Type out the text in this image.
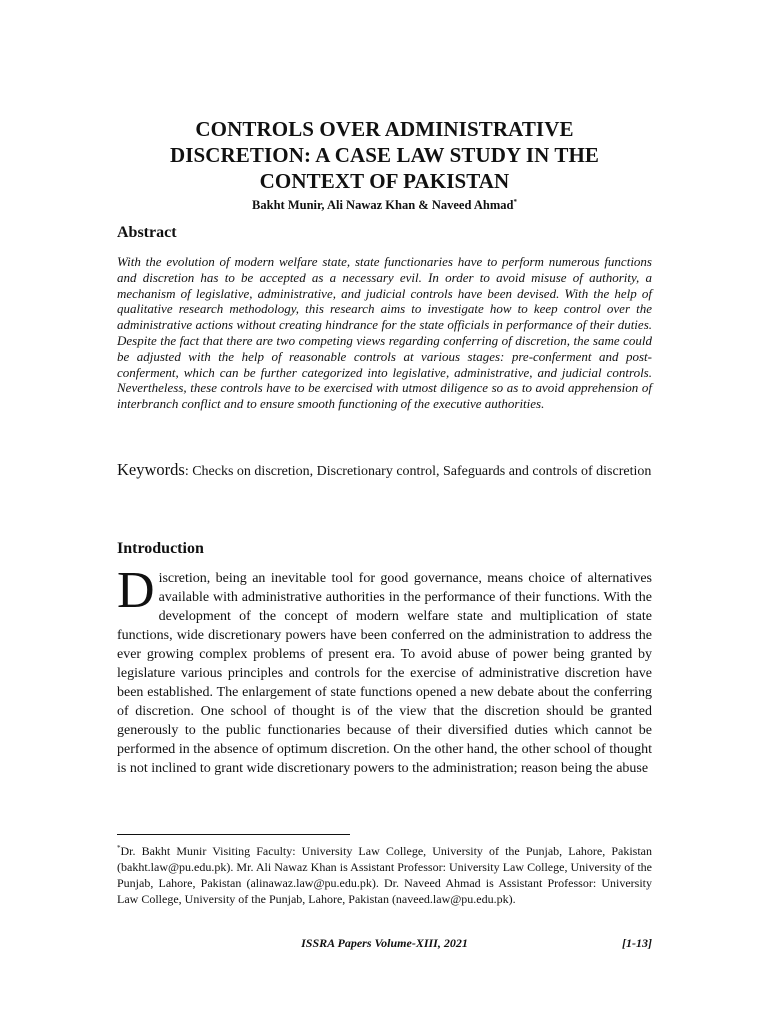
CONTROLS OVER ADMINISTRATIVE
DISCRETION: A CASE LAW STUDY IN THE
CONTEXT OF PAKISTAN
Bakht Munir, Ali Nawaz Khan & Naveed Ahmad*
Abstract
With the evolution of modern welfare state, state functionaries have to perform numerous functions and discretion has to be accepted as a necessary evil. In order to avoid misuse of authority, a mechanism of legislative, administrative, and judicial controls have been devised. With the help of qualitative research methodology, this research aims to investigate how to keep control over the administrative actions without creating hindrance for the state officials in performance of their duties. Despite the fact that there are two competing views regarding conferring of discretion, the same could be adjusted with the help of reasonable controls at various stages: pre-conferment and post-conferment, which can be further categorized into legislative, administrative, and judicial controls. Nevertheless, these controls have to be exercised with utmost diligence so as to avoid apprehension of interbranch conflict and to ensure smooth functioning of the executive authorities.
Keywords: Checks on discretion, Discretionary control, Safeguards and controls of discretion
Introduction
Discretion, being an inevitable tool for good governance, means choice of alternatives available with administrative authorities in the performance of their functions. With the development of the concept of modern welfare state and multiplication of state functions, wide discretionary powers have been conferred on the administration to address the ever growing complex problems of present era. To avoid abuse of power being granted by legislature various principles and controls for the exercise of administrative discretion have been established. The enlargement of state functions opened a new debate about the conferring of discretion. One school of thought is of the view that the discretion should be granted generously to the public functionaries because of their diversified duties which cannot be performed in the absence of optimum discretion. On the other hand, the other school of thought is not inclined to grant wide discretionary powers to the administration; reason being the abuse
*Dr. Bakht Munir Visiting Faculty: University Law College, University of the Punjab, Lahore, Pakistan (bakht.law@pu.edu.pk). Mr. Ali Nawaz Khan is Assistant Professor: University Law College, University of the Punjab, Lahore, Pakistan (alinawaz.law@pu.edu.pk). Dr. Naveed Ahmad is Assistant Professor: University Law College, University of the Punjab, Lahore, Pakistan (naveed.law@pu.edu.pk).
ISSRA Papers Volume-XIII, 2021	[1-13]
